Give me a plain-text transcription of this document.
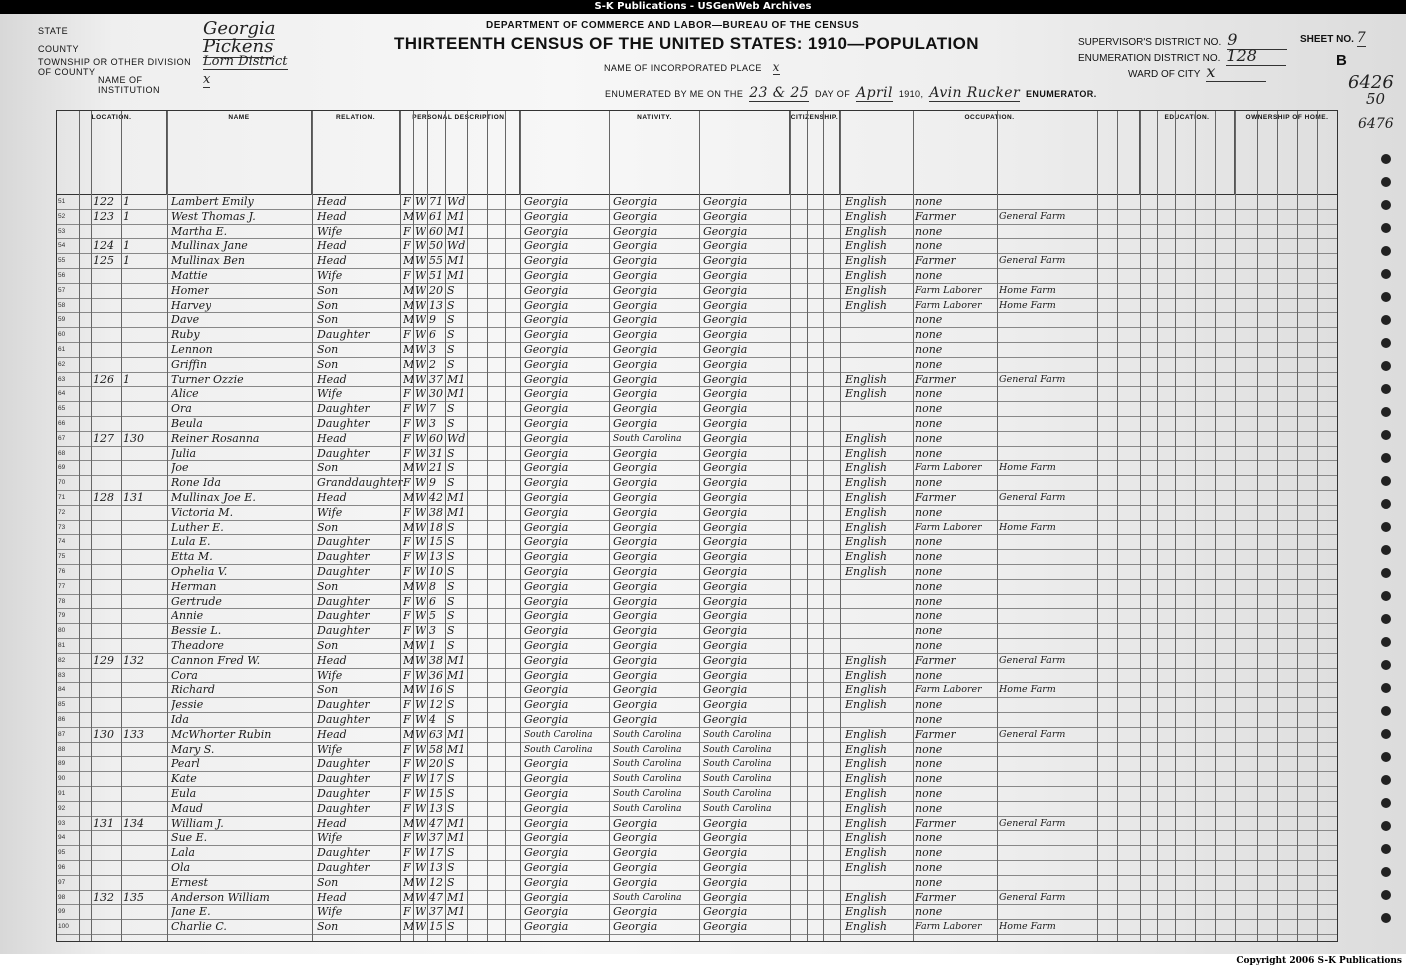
S-K Publications - USGenWeb Archives
STATE	Georgia
COUNTY	Pickens
TOWNSHIP OR OTHER DIVISION OF COUNTY
Lorn District
NAME OF INSTITUTION
x
DEPARTMENT OF COMMERCE AND LABOR—BUREAU OF THE CENSUS
THIRTEENTH CENSUS OF THE UNITED STATES: 1910—POPULATION
NAME OF INCORPORATED PLACE x
ENUMERATED BY ME ON THE 23 & 25 DAY OF April 1910, Avin Rucker ENUMERATOR.
SUPERVISOR'S DISTRICT NO. 9
ENUMERATION DISTRICT NO. 128
WARD OF CITY x
SHEET NO. 7
B
6426
50
6476
LOCATION.	NAME	RELATION.	PERSONAL DESCRIPTION.	NATIVITY.	CITIZENSHIP.	OCCUPATION.	EDUCATION.	OWNERSHIP OF HOME.
51	122 1	Lambert Emily	Head	F W 71 Wd	Georgia	Georgia	Georgia	English	none
52	123 1	West Thomas J.	Head	M W 61 M1	Georgia	Georgia	Georgia	English	Farmer	General Farm
53	Martha E.	Wife	F W 60 M1	Georgia	Georgia	Georgia	English	none
54	124 1	Mullinax Jane	Head	F W 50 Wd	Georgia	Georgia	Georgia	English	none
55	125 1	Mullinax Ben	Head	M W 55 M1	Georgia	Georgia	Georgia	English	Farmer	General Farm
56	Mattie	Wife	F W 51 M1	Georgia	Georgia	Georgia	English	none
57	Homer	Son	M W 20 S	Georgia	Georgia	Georgia	English	Farm Laborer Home Farm
58	Harvey	Son	M W 13 S	Georgia	Georgia	Georgia	English	Farm Laborer Home Farm
59	Dave	Son	M W 9 S	Georgia	Georgia	Georgia	none
60	Ruby	Daughter	F W 6 S	Georgia	Georgia	Georgia	none
61	Lennon	Son	M W 3 S	Georgia	Georgia	Georgia	none
62	Griffin	Son	M W 2 S	Georgia	Georgia	Georgia	none
63	126 1	Turner Ozzie	Head	M W 37 M1	Georgia	Georgia	Georgia	English	Farmer	General Farm
64	Alice	Wife	F W 30 M1	Georgia	Georgia	Georgia	English	none
65	Ora	Daughter	F W 7 S	Georgia	Georgia	Georgia	none
66	Beula	Daughter	F W 3 S	Georgia	Georgia	Georgia	none
67	127 130 Reiner Rosanna	Head	F W 60 Wd	Georgia	South Carolina Georgia	English	none
68	Julia	Daughter	F W 31 S	Georgia	Georgia	Georgia	English	none
69	Joe	Son	M W 21 S	Georgia	Georgia	Georgia	English	Farm Laborer Home Farm
70	Rone Ida	Granddaughter F W 9 S	Georgia	Georgia	Georgia	English	none
71	128 131 Mullinax Joe E.	Head	M W 42 M1	Georgia	Georgia	Georgia	English	Farmer	General Farm
72	Victoria M.	Wife	F W 38 M1	Georgia	Georgia	Georgia	English	none
73	Luther E.	Son	M W 18 S	Georgia	Georgia	Georgia	English	Farm Laborer Home Farm
74	Lula E.	Daughter	F W 15 S	Georgia	Georgia	Georgia	English	none
75	Etta M.	Daughter	F W 13 S	Georgia	Georgia	Georgia	English	none
76	Ophelia V.	Daughter	F W 10 S	Georgia	Georgia	Georgia	English	none
77	Herman	Son	M W 8 S	Georgia	Georgia	Georgia	none
78	Gertrude	Daughter	F W 6 S	Georgia	Georgia	Georgia	none
79	Annie	Daughter	F W 5 S	Georgia	Georgia	Georgia	none
80	Bessie L.	Daughter	F W 3 S	Georgia	Georgia	Georgia	none
81	Theadore	Son	M W 1 S	Georgia	Georgia	Georgia	none
82	129 132 Cannon Fred W.	Head	M W 38 M1	Georgia	Georgia	Georgia	English	Farmer	General Farm
83	Cora	Wife	F W 36 M1	Georgia	Georgia	Georgia	English	none
84	Richard	Son	M W 16 S	Georgia	Georgia	Georgia	English	Farm Laborer Home Farm
85	Jessie	Daughter	F W 12 S	Georgia	Georgia	Georgia	English	none
86	Ida	Daughter	F W 4 S	Georgia	Georgia	Georgia	none
87	130 133 McWhorter Rubin	Head	M W 63 M1	South Carolina South Carolina South Carolina	English	Farmer	General Farm
88	Mary S.	Wife	F W 58 M1	South Carolina South Carolina South Carolina	English	none
89	Pearl	Daughter	F W 20 S	Georgia	South Carolina South Carolina	English	none
90	Kate	Daughter	F W 17 S	Georgia	South Carolina South Carolina	English	none
91	Eula	Daughter	F W 15 S	Georgia	South Carolina South Carolina	English	none
92	Maud	Daughter	F W 13 S	Georgia	South Carolina South Carolina	English	none
93	131 134 William J.	Head	M W 47 M1	Georgia	Georgia	Georgia	English	Farmer	General Farm
94	Sue E.	Wife	F W 37 M1	Georgia	Georgia	Georgia	English	none
95	Lala	Daughter	F W 17 S	Georgia	Georgia	Georgia	English	none
96	Ola	Daughter	F W 13 S	Georgia	Georgia	Georgia	English	none
97	Ernest	Son	M W 12 S	Georgia	Georgia	Georgia	none
98	132 135 Anderson William	Head	M W 47 M1	Georgia	South Carolina Georgia	English	Farmer	General Farm
99	Jane E.	Wife	F W 37 M1	Georgia	Georgia	Georgia	English	none
100	Charlie C.	Son	M W 15 S	Georgia	Georgia	Georgia	English	Farm Laborer Home Farm
Copyright 2006 S-K Publications
